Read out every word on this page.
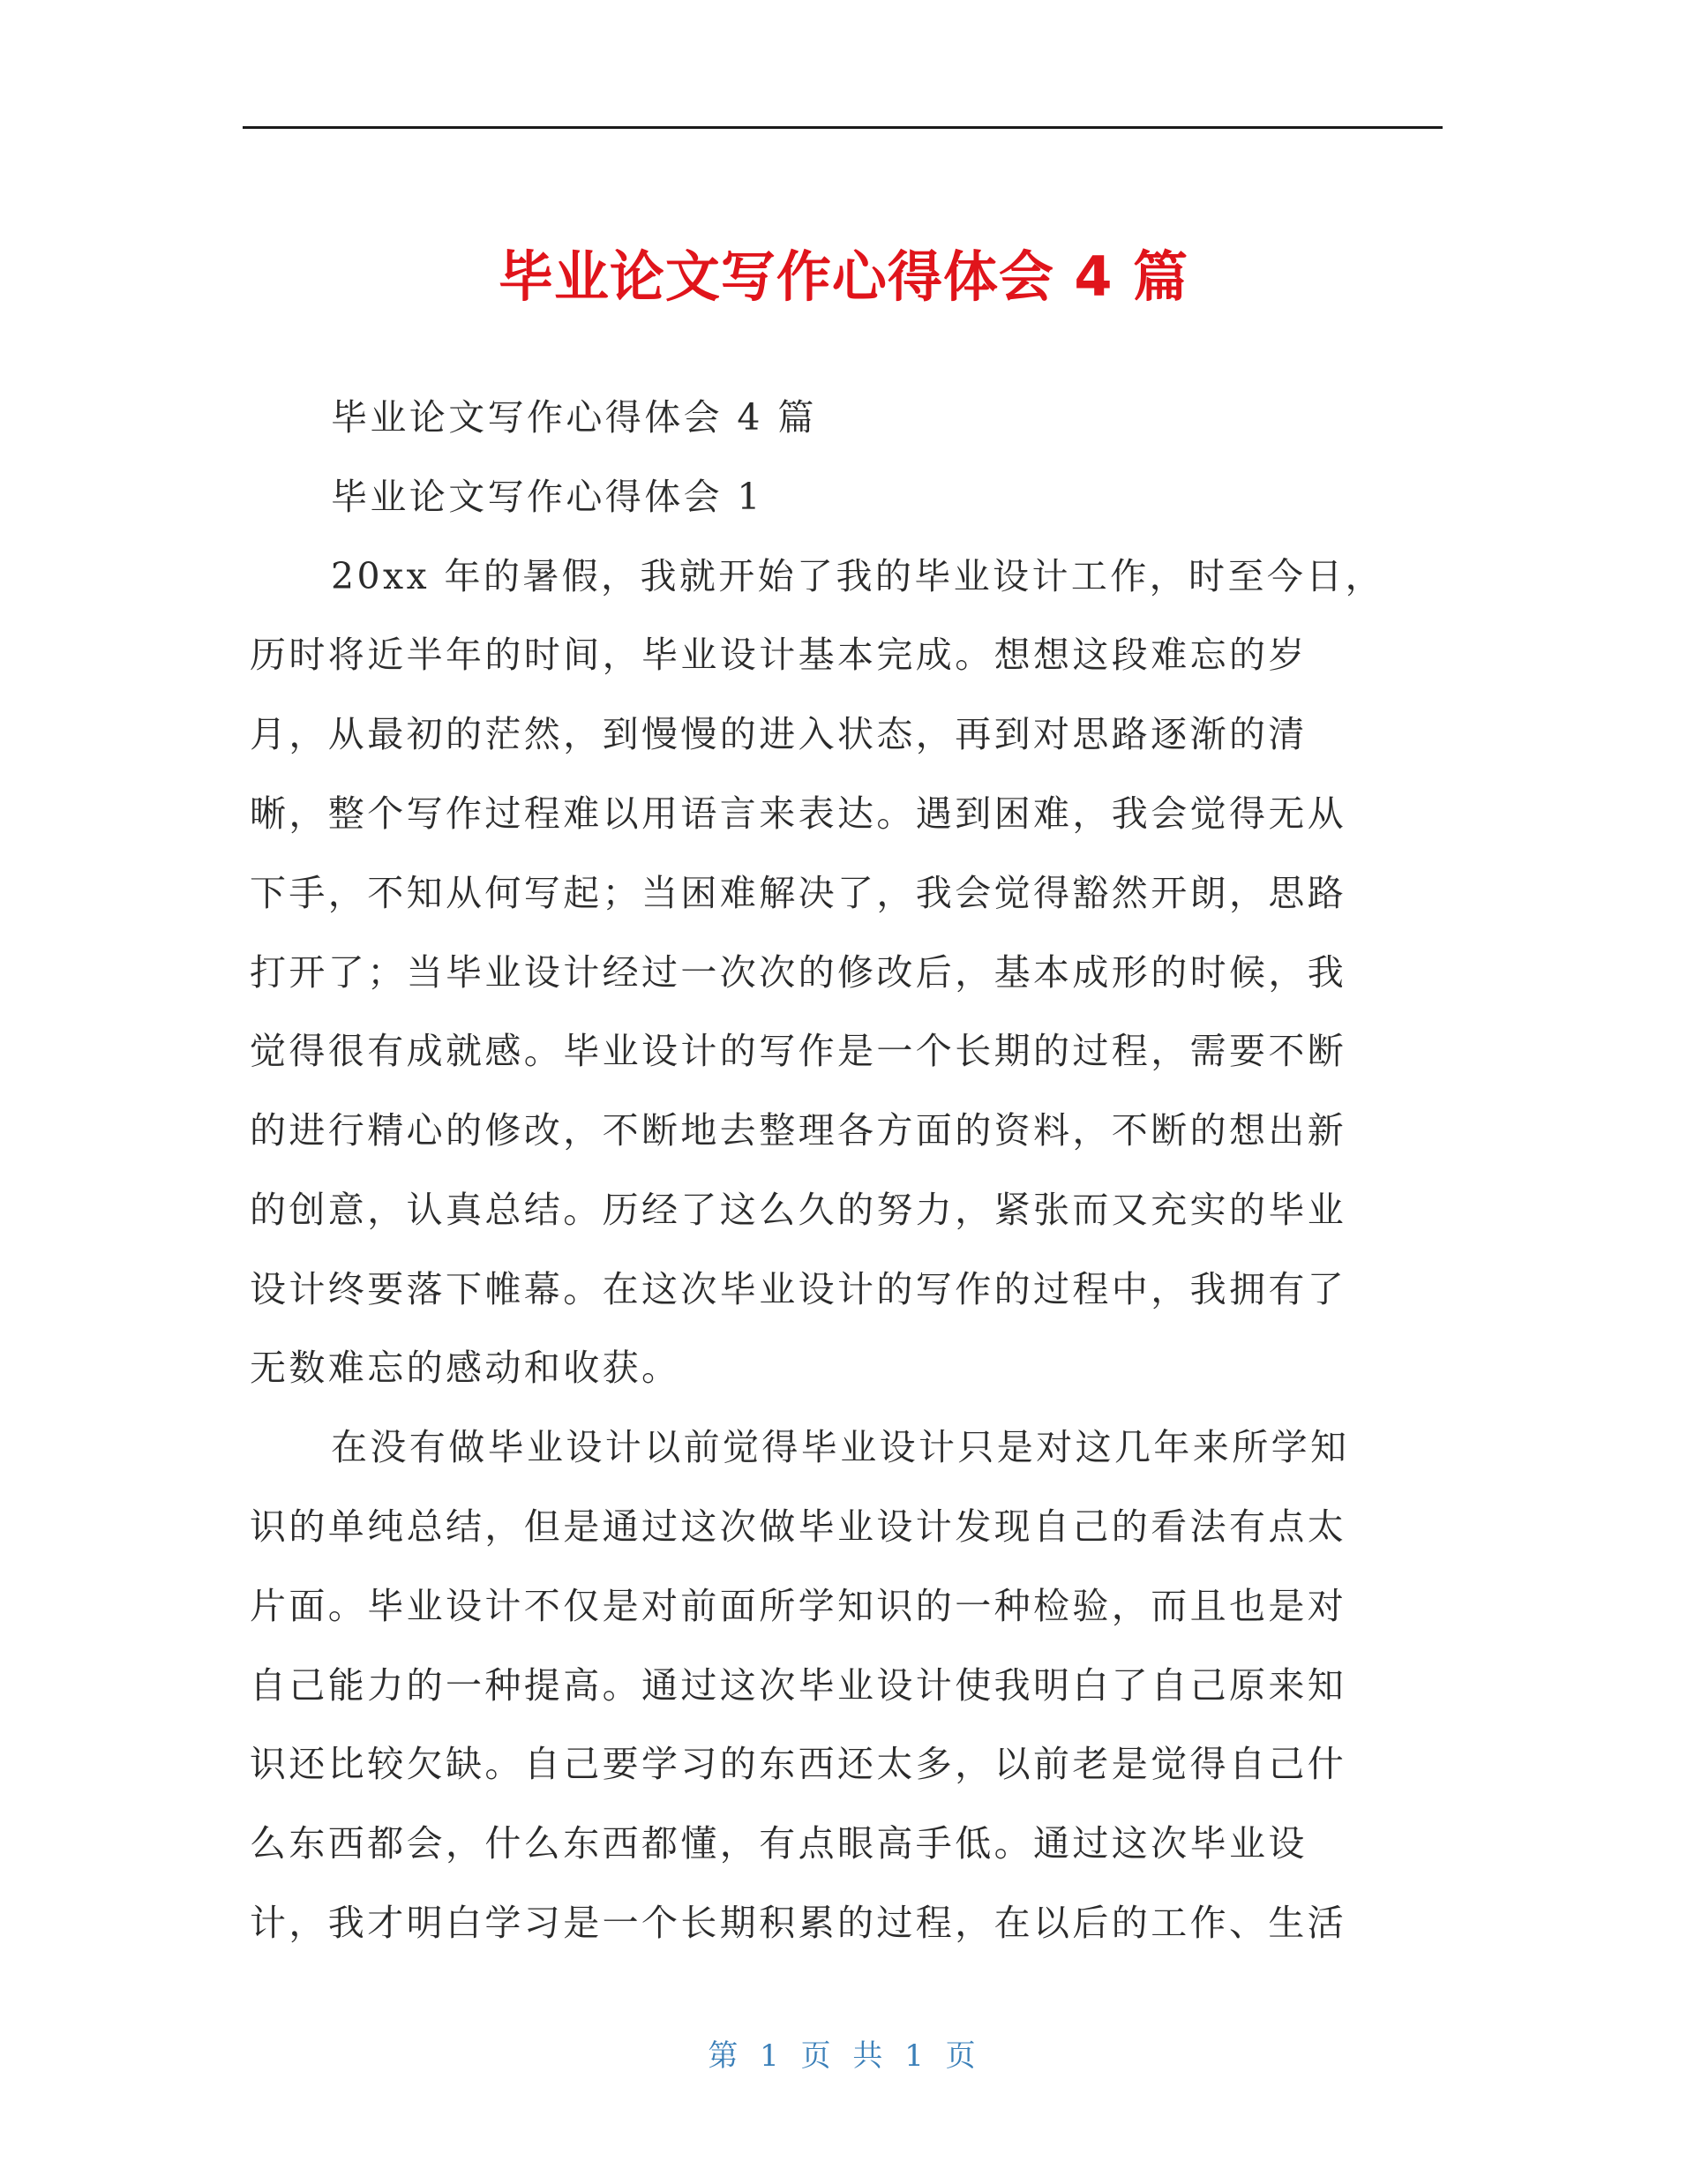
毕业论文写作心得体会 4 篇
毕业论文写作心得体会 4 篇
毕业论文写作心得体会 1
20xx 年的暑假，我就开始了我的毕业设计工作，时至今日，
历时将近半年的时间，毕业设计基本完成。想想这段难忘的岁
月，从最初的茫然，到慢慢的进入状态，再到对思路逐渐的清
晰，整个写作过程难以用语言来表达。遇到困难，我会觉得无从
下手，不知从何写起；当困难解决了，我会觉得豁然开朗，思路
打开了；当毕业设计经过一次次的修改后，基本成形的时候，我
觉得很有成就感。毕业设计的写作是一个长期的过程，需要不断
的进行精心的修改，不断地去整理各方面的资料，不断的想出新
的创意，认真总结。历经了这么久的努力，紧张而又充实的毕业
设计终要落下帷幕。在这次毕业设计的写作的过程中，我拥有了
无数难忘的感动和收获。
在没有做毕业设计以前觉得毕业设计只是对这几年来所学知
识的单纯总结，但是通过这次做毕业设计发现自己的看法有点太
片面。毕业设计不仅是对前面所学知识的一种检验，而且也是对
自己能力的一种提高。通过这次毕业设计使我明白了自己原来知
识还比较欠缺。自己要学习的东西还太多，以前老是觉得自己什
么东西都会，什么东西都懂，有点眼高手低。通过这次毕业设
计，我才明白学习是一个长期积累的过程，在以后的工作、生活
第 1 页 共 1 页
